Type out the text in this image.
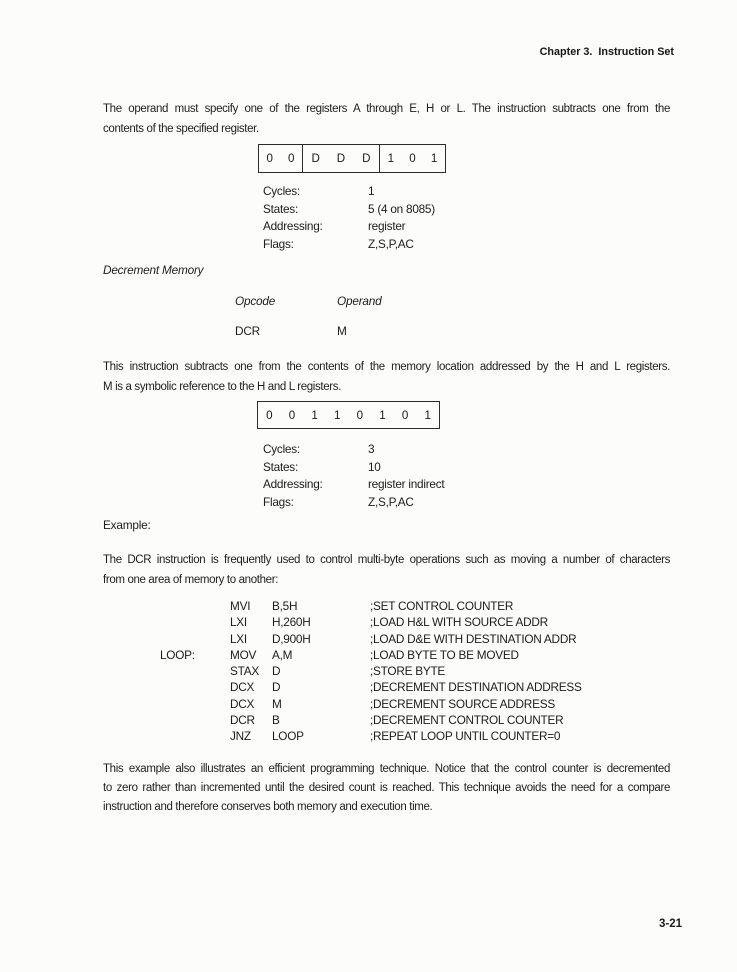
Chapter 3.  Instruction Set
The operand must specify one of the registers A through E, H or L. The instruction subtracts one from the
contents of the specified register.
0 0 D D D 1 0 1
Cycles:	1
States:	5 (4 on 8085)
Addressing:	register
Flags:	Z,S,P,AC
Decrement Memory
Opcode	Operand
DCR	M
This instruction subtracts one from the contents of the memory location addressed by the H and L registers.
M is a symbolic reference to the H and L registers.
0 0 1 1 0 1 0 1
Cycles:	3
States:	10
Addressing:	register indirect
Flags:	Z,S,P,AC
Example:
The DCR instruction is frequently used to control multi-byte operations such as moving a number of characters
from one area of memory to another:
MVI	B,5H	;SET CONTROL COUNTER
LXI	H,260H	;LOAD H&L WITH SOURCE ADDR
LXI	D,900H	;LOAD D&E WITH DESTINATION ADDR
LOOP:	MOV	A,M	;LOAD BYTE TO BE MOVED
STAX	D	;STORE BYTE
DCX	D	;DECREMENT DESTINATION ADDRESS
DCX	M	;DECREMENT SOURCE ADDRESS
DCR	B	;DECREMENT CONTROL COUNTER
JNZ	LOOP	;REPEAT LOOP UNTIL COUNTER=0
This example also illustrates an efficient programming technique. Notice that the control counter is decremented
to zero rather than incremented until the desired count is reached. This technique avoids the need for a compare
instruction and therefore conserves both memory and execution time.
3-21
